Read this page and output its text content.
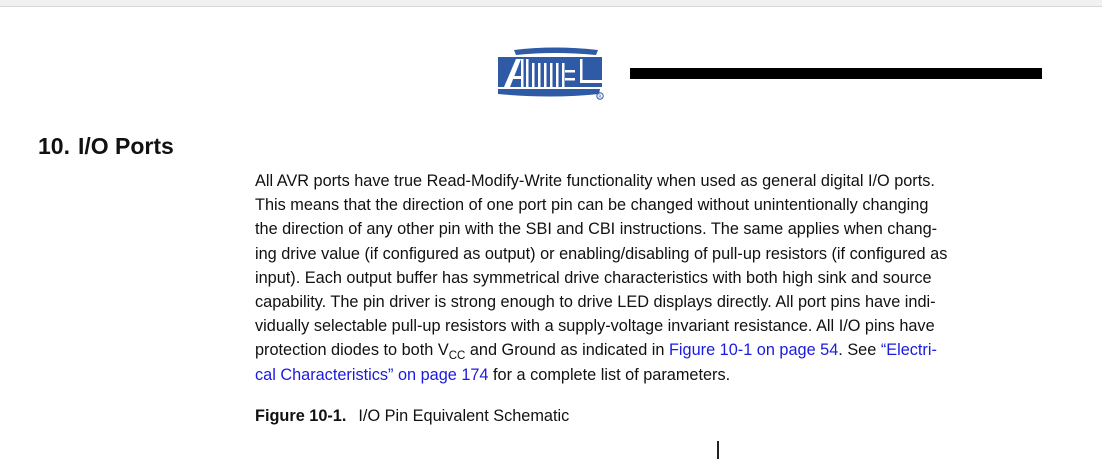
R
10. I/O Ports

All AVR ports have true Read-Modify-Write functionality when used as general digital I/O ports.
This means that the direction of one port pin can be changed without unintentionally changing
the direction of any other pin with the SBI and CBI instructions. The same applies when chang-
ing drive value (if configured as output) or enabling/disabling of pull-up resistors (if configured as
input). Each output buffer has symmetrical drive characteristics with both high sink and source
capability. The pin driver is strong enough to drive LED displays directly. All port pins have indi-
vidually selectable pull-up resistors with a supply-voltage invariant resistance. All I/O pins have
protection diodes to both $V_{CC}$ and Ground as indicated in Figure 10-1 on page 54. See “Electri-
cal Characteristics” on page 174 for a complete list of parameters.

Figure 10-1. I/O Pin Equivalent Schematic
